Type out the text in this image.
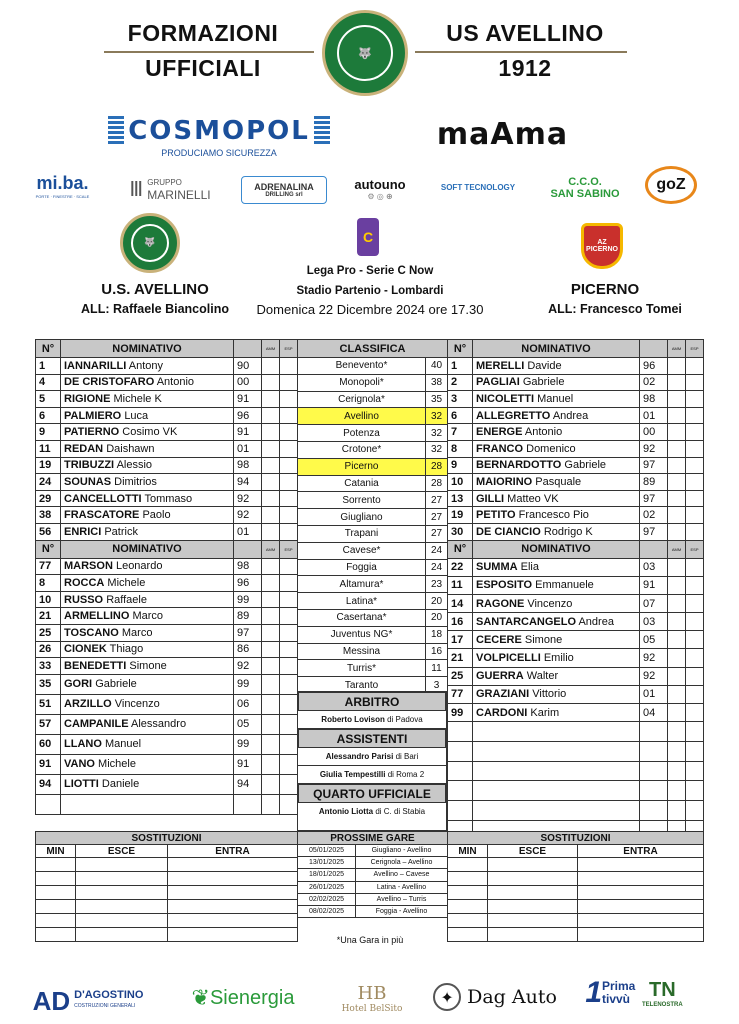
FORMAZIONI
UFFICIALI
US AVELLINO
1912
🐺
COSMOPOL
PRODUCIAMO SICUREZZA
maAma
mi.ba.
PORTE · FINESTRE · SCALE Ⅲ GRUPPO
MARINELLI
ADRENALINA
DRILLING srl
autouno
⚙ ◎ ⊕
SOFT TECNOLOGY	C.C.O.
SAN SABINO
goZ
🐺	C	AZ PICERNO
Lega Pro - Serie C Now
Stadio Partenio - Lombardi
Domenica 22 Dicembre 2024 ore 17.30
U.S. AVELLINO
ALL: Raffaele Biancolino
PICERNO
ALL: Francesco Tomei
N°	NOMINATIVO		AMM	ESP
1	IANNARILLI Antony	90		
4	DE CRISTOFARO Antonio	00		
5	RIGIONE Michele K	91		
6	PALMIERO Luca	96		
9	PATIERNO Cosimo VK	91		
11	REDAN Daishawn	01		
19	TRIBUZZI Alessio	98		
24	SOUNAS Dimitrios	94		
29	CANCELLOTTI Tommaso	92		
38	FRASCATORE Paolo	92		
56	ENRICI Patrick	01		
N°	NOMINATIVO		AMM	ESP
77	MARSON Leonardo	98		
8	ROCCA Michele	96		
10	RUSSO Raffaele	99		
21	ARMELLINO Marco	89		
25	TOSCANO Marco	97		
26	CIONEK Thiago	86		
33	BENEDETTI Simone	92		
35	GORI Gabriele	99		
51	ARZILLO Vincenzo	06		
57	CAMPANILE Alessandro	05		
60	LLANO Manuel	99		
91	VANO Michele	91		
94	LIOTTI Daniele	94		

CLASSIFICA	
Benevento*	40
Monopoli*	38
Cerignola*	35
Avellino	32
Potenza	32
Crotone*	32
Picerno	28
Catania	28
Sorrento	27
Giugliano	27
Trapani	27
Cavese*	24
Foggia	24
Altamura*	23
Latina*	20
Casertana*	20
Juventus NG*	18
Messina	16
Turris*	11
Taranto	3
N°	NOMINATIVO		AMM	ESP
1	MERELLI Davide	96		
2	PAGLIAI Gabriele	02		
3	NICOLETTI Manuel	98		
6	ALLEGRETTO Andrea	01		
7	ENERGE Antonio	00		
8	FRANCO Domenico	92		
9	BERNARDOTTO Gabriele	97		
10	MAIORINO Pasquale	89		
13	GILLI Matteo VK	97		
19	PETITO Francesco Pio	02		
30	DE CIANCIO Rodrigo K	97		
N°	NOMINATIVO		AMM	ESP
22	SUMMA Elia	03		
11	ESPOSITO Emmanuele	91		
14	RAGONE Vincenzo	07		
16	SANTARCANGELO Andrea	03		
17	CECERE Simone	05		
21	VOLPICELLI Emilio	92		
25	GUERRA Walter	92		
77	GRAZIANI Vittorio	01		
99	CARDONI Karim	04		

ARBITRO
Roberto Lovison di Padova
ASSISTENTI
Alessandro Parisi di Bari
Giulia Tempestilli di Roma 2
QUARTO UFFICIALE
Antonio Liotta di C. di Stabia
SOSTITUZIONI		
MIN	ESCE	ENTRA

PROSSIME GARE	
05/01/2025	Giugliano - Avellino
13/01/2025	Cerignola – Avellino
18/01/2025	Avellino – Cavese
26/01/2025	Latina - Avellino
02/02/2025	Avellino – Turris
08/02/2025	Foggia - Avellino
SOSTITUZIONI		
MIN	ESCE	ENTRA

*Una Gara in più
AD D'AGOSTINO
COSTRUZIONI GENERALI	❦ Sienergia	HB
Hotel BelSito
✦ Dag Auto 1 Prima tivvù TN
TELENOSTRA
